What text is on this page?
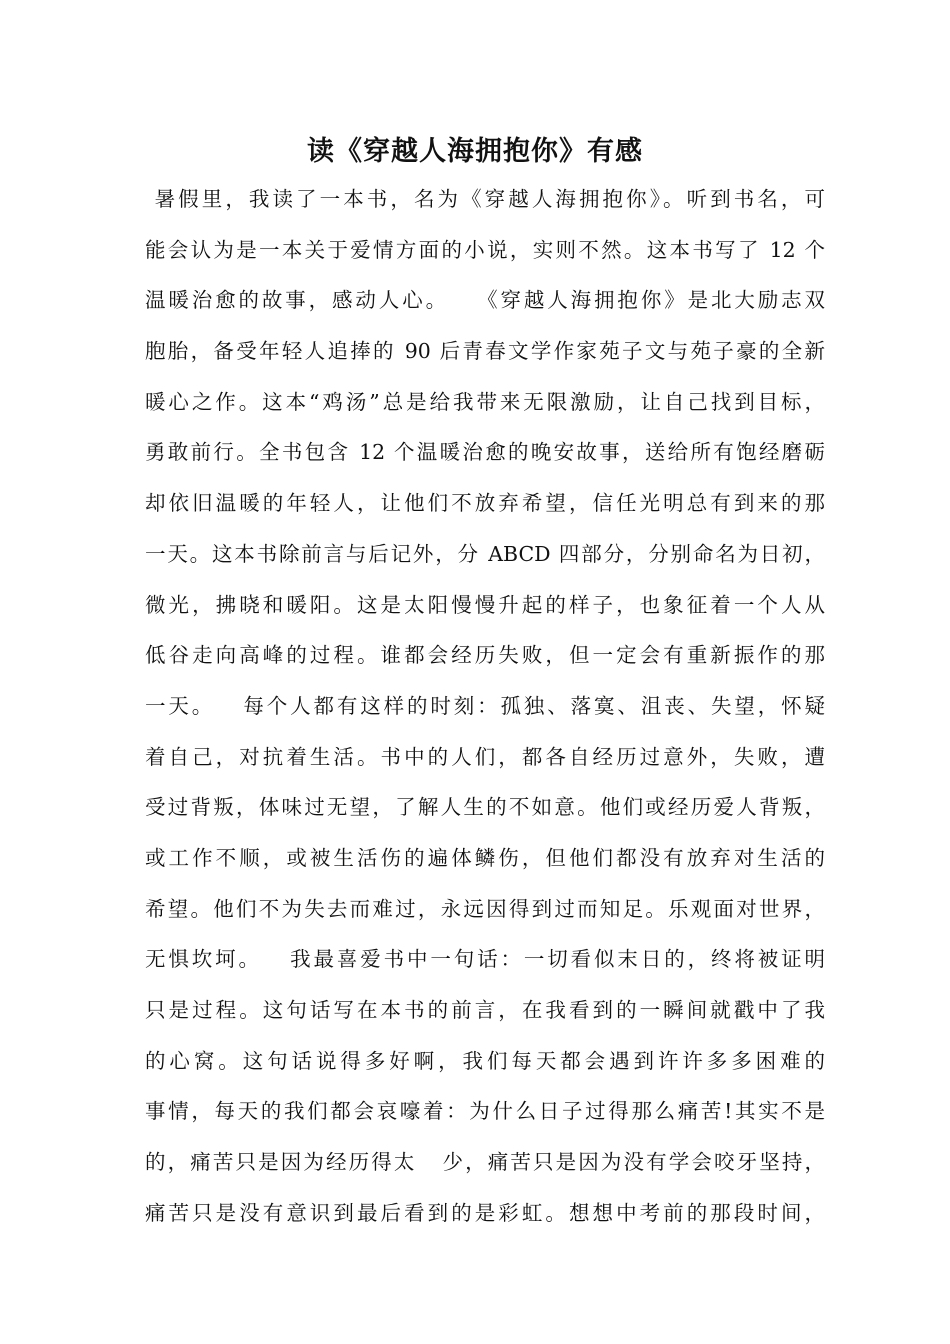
读《穿越人海拥抱你》有感
暑假里，我读了一本书，名为《穿越人海拥抱你》。听到书名，可
能会认为是一本关于爱情方面的小说，实则不然。这本书写了 12 个
温暖治愈的故事，感动人心。   《穿越人海拥抱你》是北大励志双
胞胎，备受年轻人追捧的 90 后青春文学作家苑子文与苑子豪的全新
暖心之作。这本“鸡汤”总是给我带来无限激励，让自己找到目标，
勇敢前行。全书包含 12 个温暖治愈的晚安故事，送给所有饱经磨砺
却依旧温暖的年轻人，让他们不放弃希望，信任光明总有到来的那
一天。这本书除前言与后记外，分 ABCD 四部分，分别命名为日初，
微光，拂晓和暖阳。这是太阳慢慢升起的样子，也象征着一个人从
低谷走向高峰的过程。谁都会经历失败，但一定会有重新振作的那
一天。   每个人都有这样的时刻：孤独、落寞、沮丧、失望，怀疑
着自己，对抗着生活。书中的人们，都各自经历过意外，失败，遭
受过背叛，体味过无望，了解人生的不如意。他们或经历爱人背叛，
或工作不顺，或被生活伤的遍体鳞伤，但他们都没有放弃对生活的
希望。他们不为失去而难过，永远因得到过而知足。乐观面对世界，
无惧坎坷。   我最喜爱书中一句话：一切看似末日的，终将被证明
只是过程。这句话写在本书的前言，在我看到的一瞬间就戳中了我
的心窝。这句话说得多好啊，我们每天都会遇到许许多多困难的
事情，每天的我们都会哀嚎着：为什么日子过得那么痛苦!其实不是
的，痛苦只是因为经历得太   少，痛苦只是因为没有学会咬牙坚持，
痛苦只是没有意识到最后看到的是彩虹。想想中考前的那段时间，
